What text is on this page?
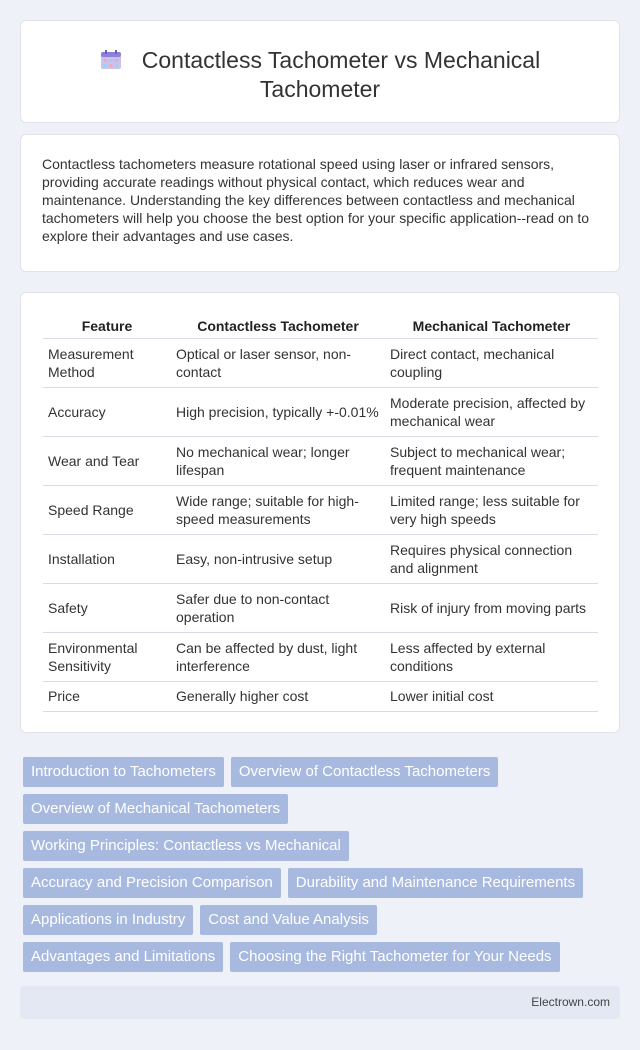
Contactless Tachometer vs Mechanical
Tachometer

Contactless tachometers measure rotational speed using laser or infrared sensors, providing accurate readings without physical contact, which reduces wear and maintenance. Understanding the key differences between contactless and mechanical tachometers will help you choose the best option for your specific application--read on to explore their advantages and use cases.

Feature	Contactless Tachometer	Mechanical Tachometer
Measurement Method	Optical or laser sensor, non-contact	Direct contact, mechanical coupling
Accuracy	High precision, typically +-0.01%	Moderate precision, affected by mechanical wear
Wear and Tear	No mechanical wear; longer lifespan	Subject to mechanical wear; frequent maintenance
Speed Range	Wide range; suitable for high-speed measurements	Limited range; less suitable for very high speeds
Installation	Easy, non-intrusive setup	Requires physical connection and alignment
Safety	Safer due to non-contact operation	Risk of injury from moving parts
Environmental Sensitivity	Can be affected by dust, light interference	Less affected by external conditions
Price	Generally higher cost	Lower initial cost
Introduction to Tachometers	Overview of Contactless Tachometers
Overview of Mechanical Tachometers
Working Principles: Contactless vs Mechanical
Accuracy and Precision Comparison	Durability and Maintenance Requirements
Applications in Industry	Cost and Value Analysis
Advantages and Limitations	Choosing the Right Tachometer for Your Needs
Electrown.com
